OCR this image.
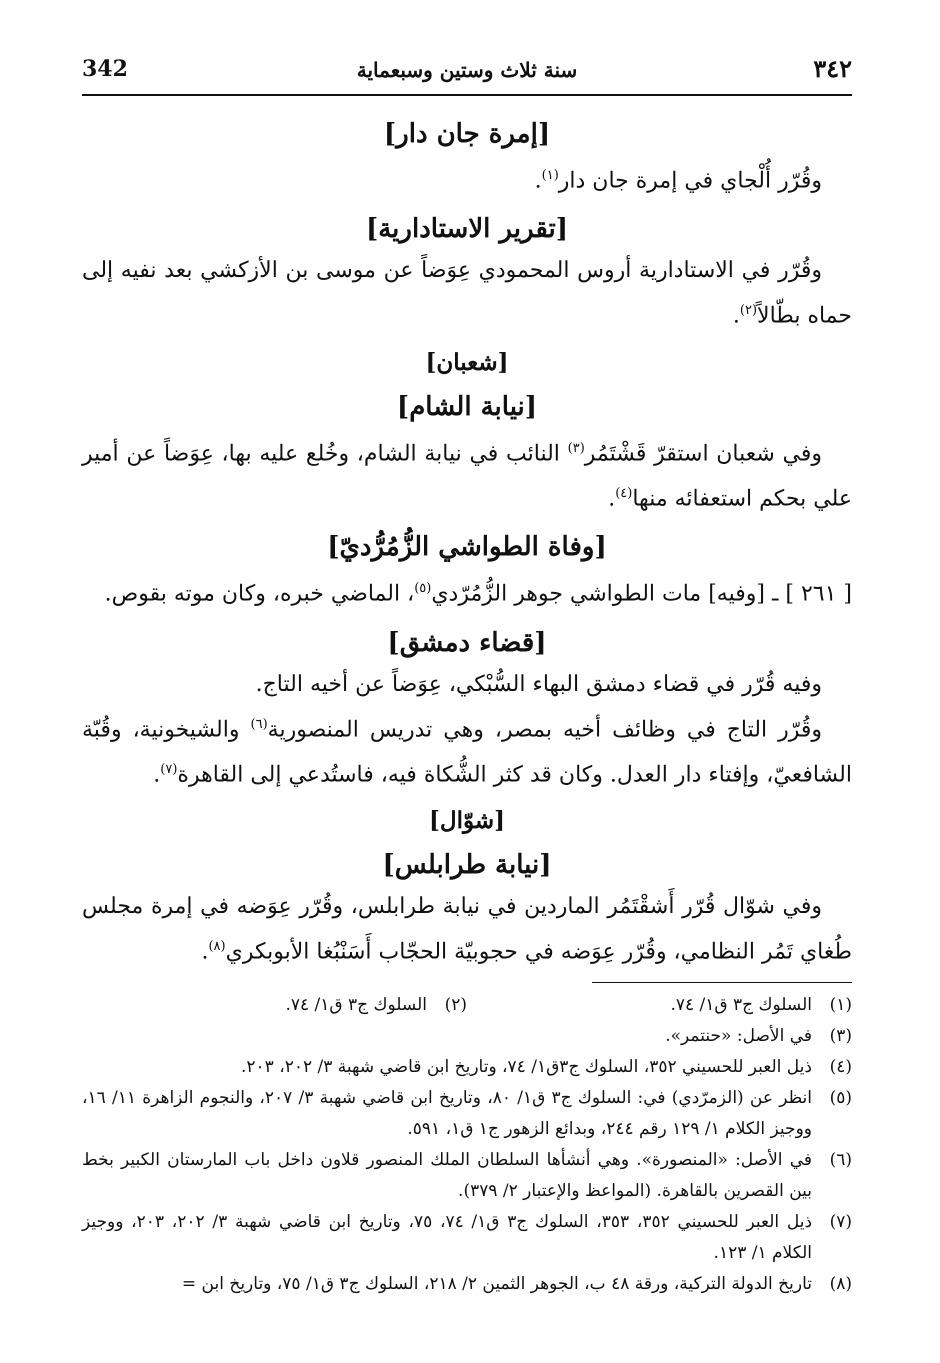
342	سنة ثلاث وستين وسبعماية	٣٤٢
[إمرة جان دار]

وقُرّر أُلْجاي في إمرة جان دار$^{(١)}$.

[تقرير الاستادارية]

وقُرّر في الاستادارية أروس المحمودي عِوَضاً عن موسى بن الأزكشي بعد نفيه إلى حماه بطّالاً$^{(٢)}$.

[شعبان]
[نيابة الشام]

وفي شعبان استقرّ قَشْتَمُر$^{(٣)}$ النائب في نيابة الشام، وخُلع عليه بها، عِوَضاً عن أمير علي بحكم استعفائه منها$^{(٤)}$.

[وفاة الطواشي الزُّمُرُّديّ]

[ ٢٦١ ] ـ [وفيه] مات الطواشي جوهر الزُّمُرّدي$^{(٥)}$، الماضي خبره، وكان موته بقوص.

[قضاء دمشق]

وفيه قُرّر في قضاء دمشق البهاء السُّبْكي، عِوَضاً عن أخيه التاج.

وقُرّر التاج في وظائف أخيه بمصر، وهي تدريس المنصورية$^{(٦)}$ والشيخونية، وقُبّة الشافعيّ، وإفتاء دار العدل. وكان قد كثر الشُّكاة فيه، فاستُدعي إلى القاهرة$^{(٧)}$.

[شوّال]
[نيابة طرابلس]

وفي شوّال قُرّر أَشقْتَمُر الماردين في نيابة طرابلس، وقُرّر عِوَضه في إمرة مجلس طُغاي تَمُر النظامي، وقُرّر عِوَضه في حجوبيّة الحجّاب أَسَنْبُغا الأبوبكري$^{(٨)}$.

(١)
السلوك ج٣ ق١/ ٧٤.
(٢)
السلوك ج٣ ق١/ ٧٤.
(٣)
في الأصل: «حنتمر».
(٤)
ذيل العبر للحسيني ٣٥٢، السلوك ج٣ق١/ ٧٤، وتاريخ ابن قاضي شهبة ٣/ ٢٠٢، ٢٠٣.
(٥)
انظر عن (الزمرّدي) في: السلوك ج٣ ق١/ ٨٠، وتاريخ ابن قاضي شهبة ٣/ ٢٠٧، والنجوم الزاهرة ١١/ ١٦، ووجيز الكلام ١/ ١٢٩ رقم ٢٤٤، وبدائع الزهور ج١ ق١، ٥٩١.
(٦)
في الأصل: «المنصورة». وهي أنشأها السلطان الملك المنصور قلاون داخل باب المارستان الكبير بخط بين القصرين بالقاهرة. (المواعظ والإعتبار ٢/ ٣٧٩).
(٧)
ذيل العبر للحسيني ٣٥٢، ٣٥٣، السلوك ج٣ ق١/ ٧٤، ٧٥، وتاريخ ابن قاضي شهبة ٣/ ٢٠٢، ٢٠٣، ووجيز الكلام ١/ ١٢٣.
(٨)
تاريخ الدولة التركية، ورقة ٤٨ ب، الجوهر الثمين ٢/ ٢١٨، السلوك ج٣ ق١/ ٧٥، وتاريخ ابن =
